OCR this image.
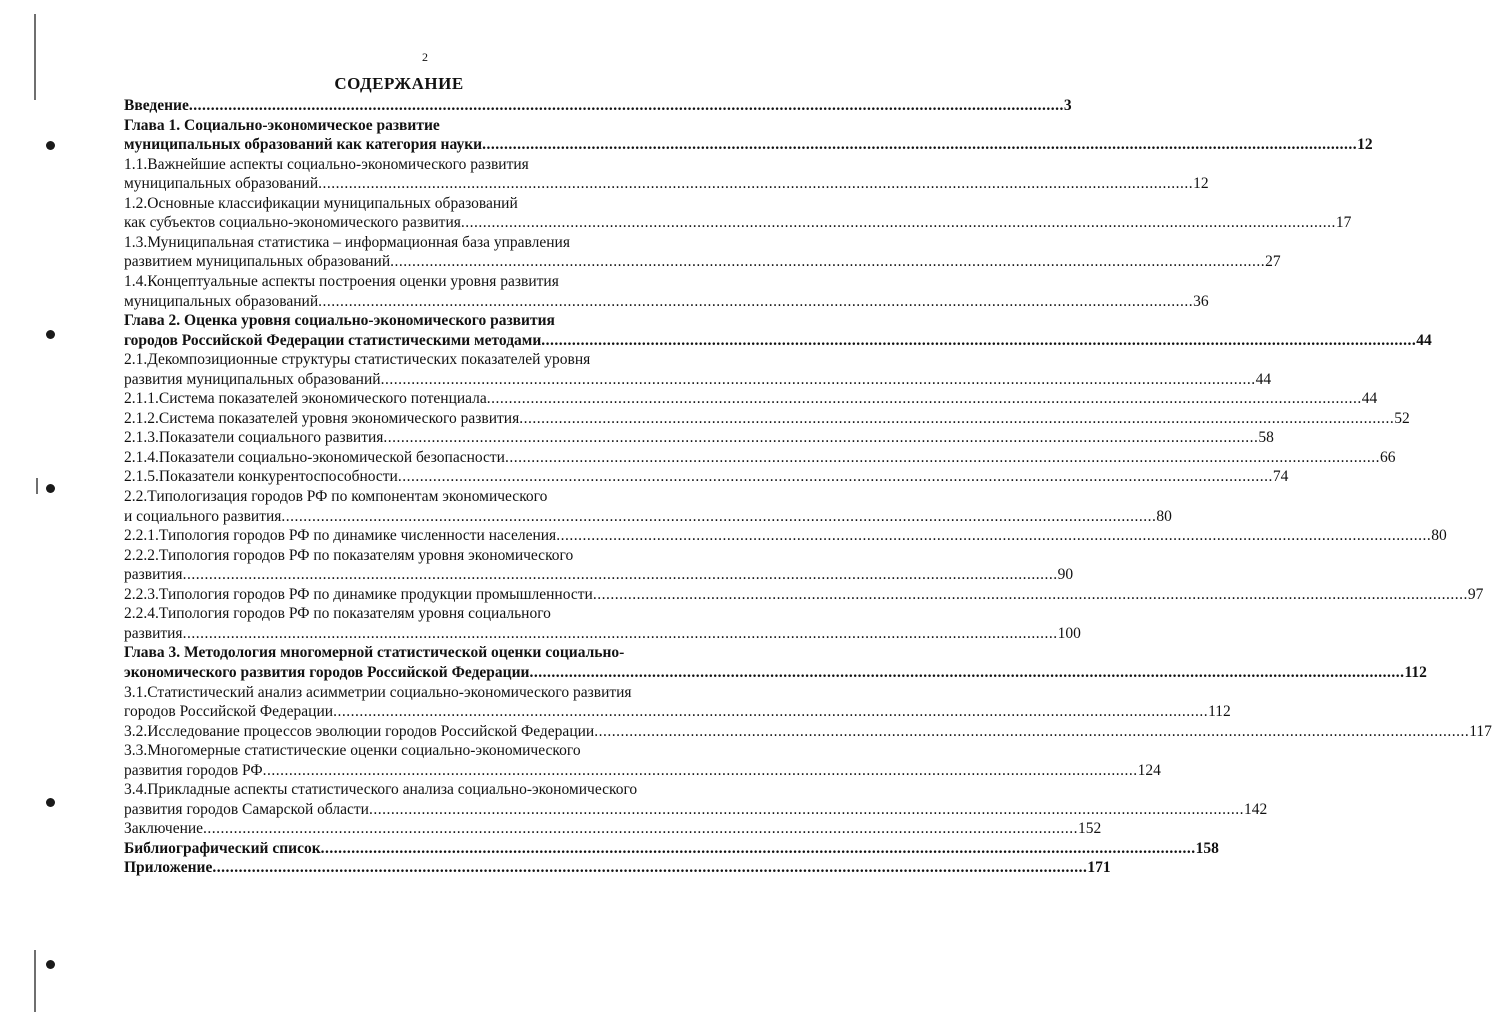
2
СОДЕРЖАНИЕ
Введение ........................................................................................................................................................................................................ 3
Глава 1. Социально-экономическое развитие
муниципальных образований как категория науки ........................................................................................................................................................................................................ 12
1.1.Важнейшие аспекты социально-экономического развития
муниципальных образований ........................................................................................................................................................................................................ 12
1.2.Основные классификации муниципальных образований
как субъектов социально-экономического развития ........................................................................................................................................................................................................ 17
1.3.Муниципальная статистика – информационная база управления
развитием муниципальных образований ........................................................................................................................................................................................................ 27
1.4.Концептуальные аспекты построения оценки уровня развития
муниципальных образований ........................................................................................................................................................................................................ 36
Глава 2. Оценка уровня социально-экономического развития
городов Российской Федерации статистическими методами ........................................................................................................................................................................................................ 44
2.1.Декомпозиционные структуры статистических показателей уровня
развития муниципальных образований ........................................................................................................................................................................................................ 44
2.1.1.Система показателей экономического потенциала ........................................................................................................................................................................................................ 44
2.1.2.Система показателей уровня экономического развития ........................................................................................................................................................................................................ 52
2.1.3.Показатели социального развития ........................................................................................................................................................................................................ 58
2.1.4.Показатели социально-экономической безопасности ........................................................................................................................................................................................................ 66
2.1.5.Показатели конкурентоспособности ........................................................................................................................................................................................................ 74
2.2.Типологизация городов РФ по компонентам экономического
и социального развития ........................................................................................................................................................................................................ 80
2.2.1.Типология городов РФ по динамике численности населения ........................................................................................................................................................................................................ 80
2.2.2.Типология городов РФ по показателям уровня экономического
развития ........................................................................................................................................................................................................ 90
2.2.3.Типология городов РФ по динамике продукции промышленности ........................................................................................................................................................................................................ 97
2.2.4.Типология городов РФ по показателям уровня социального
развития ........................................................................................................................................................................................................ 100
Глава 3. Методология многомерной статистической оценки социально-
экономического развития городов Российской Федерации ........................................................................................................................................................................................................ 112
3.1.Статистический анализ асимметрии социально-экономического развития
городов Российской Федерации ........................................................................................................................................................................................................ 112
3.2.Исследование процессов эволюции городов Российской Федерации ........................................................................................................................................................................................................ 117
3.3.Многомерные статистические оценки социально-экономического
развития городов РФ ........................................................................................................................................................................................................ 124
3.4.Прикладные аспекты статистического анализа социально-экономического
развития городов Самарской области ........................................................................................................................................................................................................ 142
Заключение ........................................................................................................................................................................................................ 152
Библиографический список ........................................................................................................................................................................................................ 158
Приложение ........................................................................................................................................................................................................ 171
